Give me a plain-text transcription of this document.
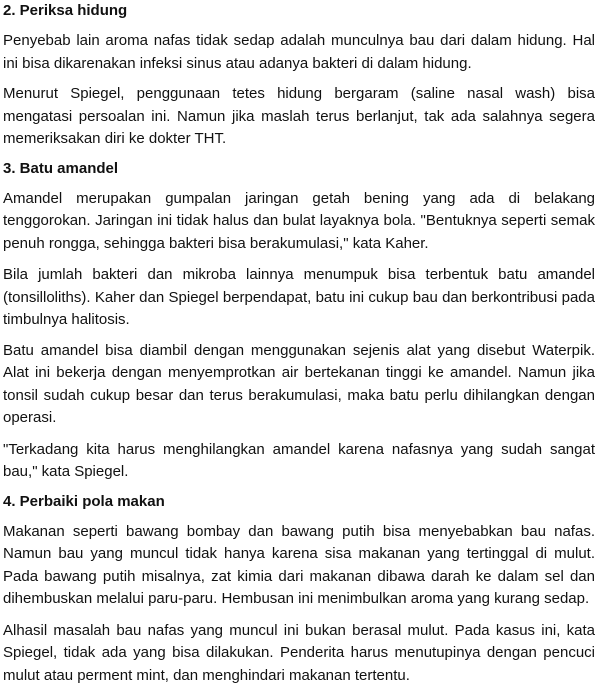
2. Periksa hidung

Penyebab lain aroma nafas tidak sedap adalah munculnya bau dari dalam hidung. Hal ini bisa dikarenakan infeksi sinus atau adanya bakteri di dalam hidung.

Menurut Spiegel, penggunaan tetes hidung bergaram (saline nasal wash) bisa mengatasi persoalan ini. Namun jika maslah terus berlanjut, tak ada salahnya segera memeriksakan diri ke dokter THT.

3. Batu amandel

Amandel merupakan gumpalan jaringan getah bening yang ada di belakang tenggorokan. Jaringan ini tidak halus dan bulat layaknya bola. "Bentuknya seperti semak penuh rongga, sehingga bakteri bisa berakumulasi," kata Kaher.

Bila jumlah bakteri dan mikroba lainnya menumpuk bisa terbentuk batu amandel (tonsilloliths). Kaher dan Spiegel berpendapat, batu ini cukup bau dan berkontribusi pada timbulnya halitosis.

Batu amandel bisa diambil dengan menggunakan sejenis alat yang disebut Waterpik. Alat ini bekerja dengan menyemprotkan air bertekanan tinggi ke amandel. Namun jika tonsil sudah cukup besar dan terus berakumulasi, maka batu perlu dihilangkan dengan operasi.

"Terkadang kita harus menghilangkan amandel karena nafasnya yang sudah sangat bau," kata Spiegel.

4. Perbaiki pola makan

Makanan seperti bawang bombay dan bawang putih bisa menyebabkan bau nafas. Namun bau yang muncul tidak hanya karena sisa makanan yang tertinggal di mulut. Pada bawang putih misalnya, zat kimia dari makanan dibawa darah ke dalam sel dan dihembuskan melalui paru-paru. Hembusan ini menimbulkan aroma yang kurang sedap.

Alhasil masalah bau nafas yang muncul ini bukan berasal mulut. Pada kasus ini, kata Spiegel, tidak ada yang bisa dilakukan. Penderita harus menutupinya dengan pencuci mulut atau perment mint, dan menghindari makanan tertentu.
